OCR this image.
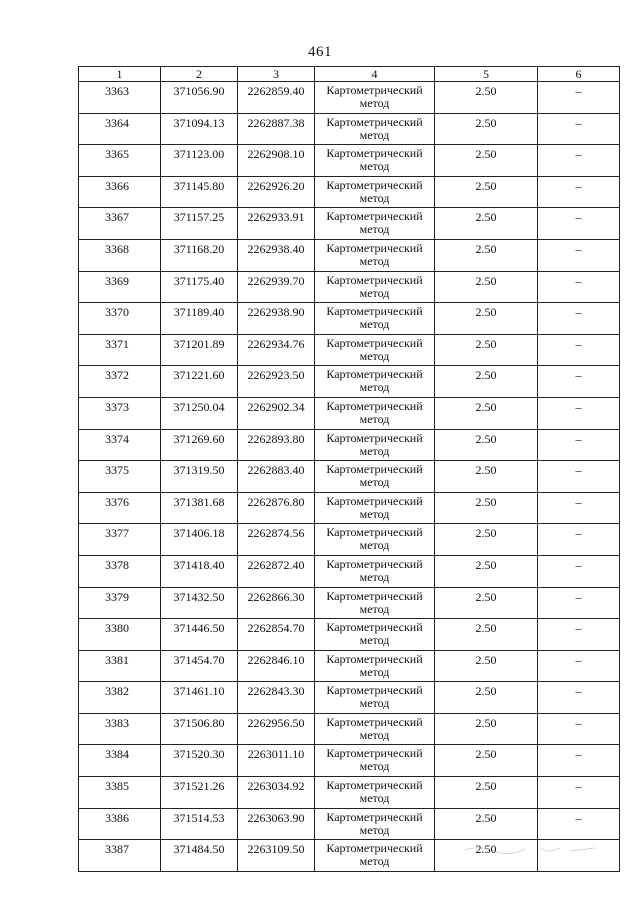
461
1	2	3	4	5	6
3363	371056.90	2262859.40	Картометрический метод	2.50	–
3364	371094.13	2262887.38	Картометрический метод	2.50	–
3365	371123.00	2262908.10	Картометрический метод	2.50	–
3366	371145.80	2262926.20	Картометрический метод	2.50	–
3367	371157.25	2262933.91	Картометрический метод	2.50	–
3368	371168.20	2262938.40	Картометрический метод	2.50	–
3369	371175.40	2262939.70	Картометрический метод	2.50	–
3370	371189.40	2262938.90	Картометрический метод	2.50	–
3371	371201.89	2262934.76	Картометрический метод	2.50	–
3372	371221.60	2262923.50	Картометрический метод	2.50	–
3373	371250.04	2262902.34	Картометрический метод	2.50	–
3374	371269.60	2262893.80	Картометрический метод	2.50	–
3375	371319.50	2262883.40	Картометрический метод	2.50	–
3376	371381.68	2262876.80	Картометрический метод	2.50	–
3377	371406.18	2262874.56	Картометрический метод	2.50	–
3378	371418.40	2262872.40	Картометрический метод	2.50	–
3379	371432.50	2262866.30	Картометрический метод	2.50	–
3380	371446.50	2262854.70	Картометрический метод	2.50	–
3381	371454.70	2262846.10	Картометрический метод	2.50	–
3382	371461.10	2262843.30	Картометрический метод	2.50	–
3383	371506.80	2262956.50	Картометрический метод	2.50	–
3384	371520.30	2263011.10	Картометрический метод	2.50	–
3385	371521.26	2263034.92	Картометрический метод	2.50	–
3386	371514.53	2263063.90	Картометрический метод	2.50	–
3387	371484.50	2263109.50	Картометрический метод	2.50	
